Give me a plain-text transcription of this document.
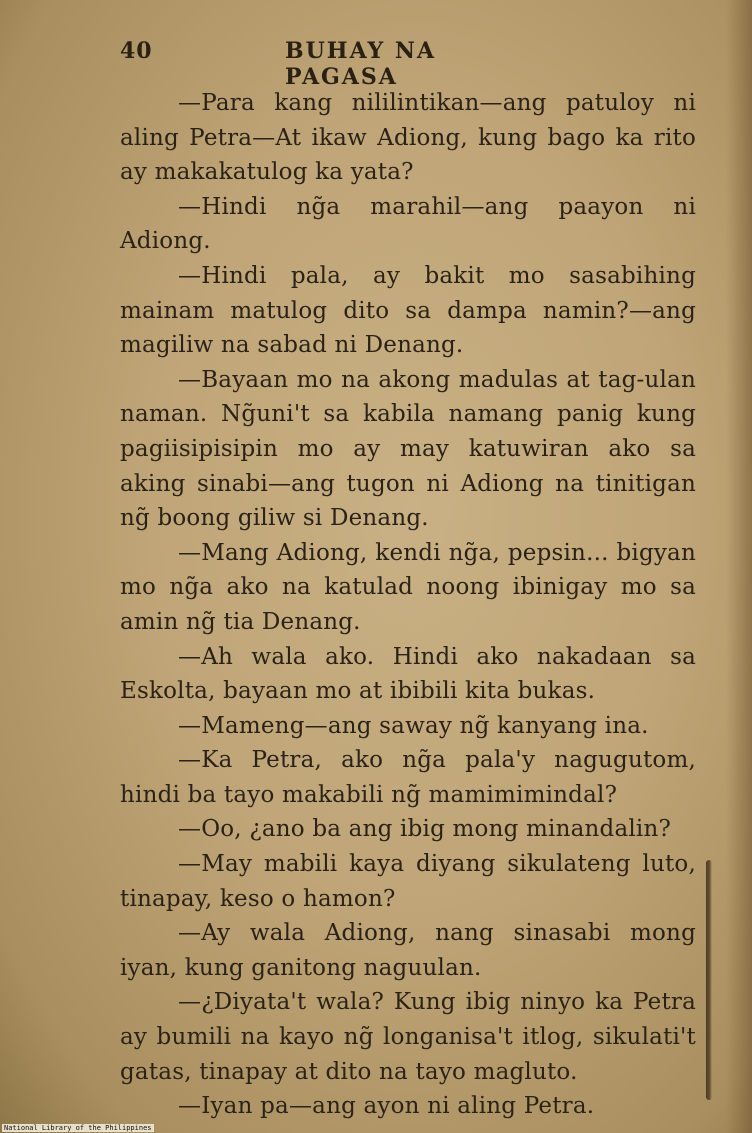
40	BUHAY NA PAGASA

—Para kang nililintikan—ang patuloy ni aling Petra—At ikaw Adiong, kung bago ka rito ay makakatulog ka yata?

—Hindi ng̃a marahil—ang paayon ni Adiong.

—Hindi pala, ay bakit mo sasabihing mainam matulog dito sa dampa namin?—ang magiliw na sabad ni Denang.

—Bayaan mo na akong madulas at tag-ulan naman. Ng̃uni't sa kabila namang panig kung pagiisipisipin mo ay may katuwiran ako sa aking sinabi—ang tugon ni Adiong na tinitigan ng̃ boong giliw si Denang.

—Mang Adiong, kendi ng̃a, pepsin... bigyan mo ng̃a ako na katulad noong ibinigay mo sa amin ng̃ tia Denang.

—Ah wala ako. Hindi ako nakadaan sa Eskolta, bayaan mo at ibibili kita bukas.

—Mameng—ang saway ng̃ kanyang ina.

—Ka Petra, ako ng̃a pala'y nagugutom, hindi ba tayo makabili ng̃ mamimimindal?

—Oo, ¿ano ba ang ibig mong minandalin?

—May mabili kaya diyang sikulateng luto, tinapay, keso o hamon?

—Ay wala Adiong, nang sinasabi mong iyan, kung ganitong naguulan.

—¿Diyata't wala? Kung ibig ninyo ka Petra ay bumili na kayo ng̃ longanisa't itlog, sikulati't gatas, tinapay at dito na tayo magluto.

—Iyan pa—ang ayon ni aling Petra.

National Library of the Philippines
